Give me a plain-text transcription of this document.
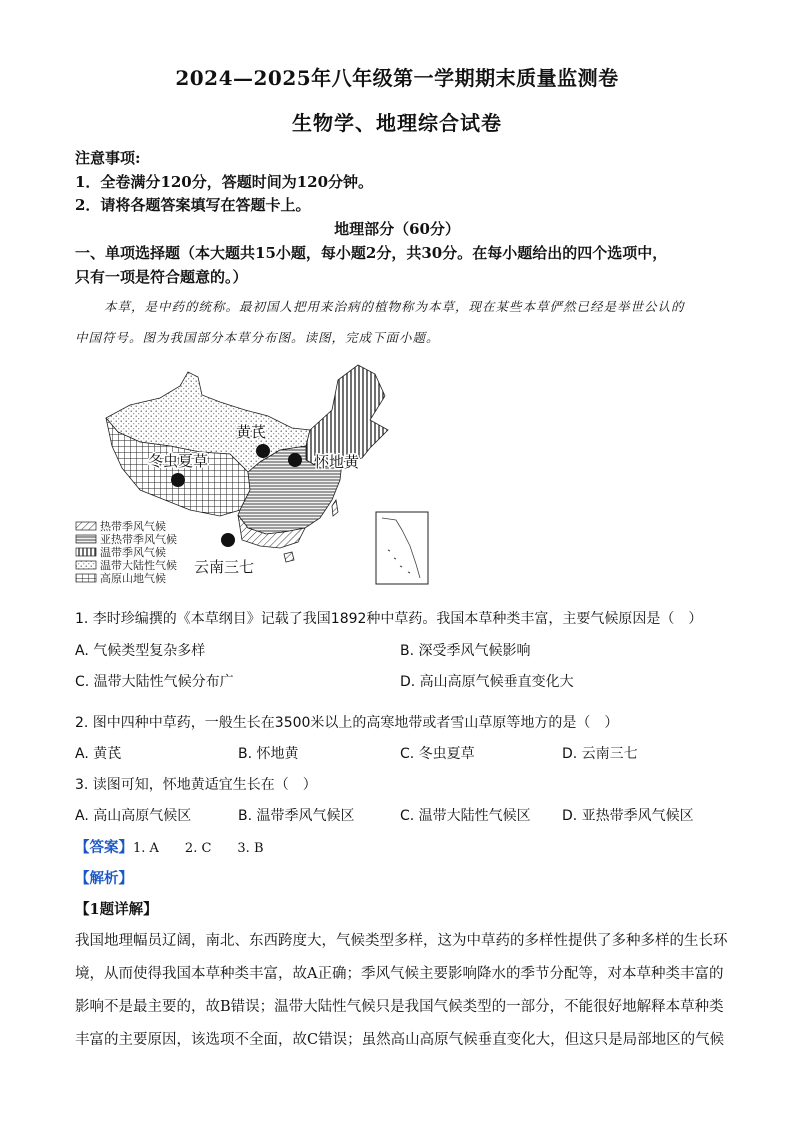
2024—2025年八年级第一学期期末质量监测卷
生物学、地理综合试卷
注意事项:
1．全卷满分120分，答题时间为120分钟。
2．请将各题答案填写在答题卡上。
地理部分（60分）
一、单项选择题（本大题共15小题，每小题2分，共30分。在每小题给出的四个选项中，
只有一项是符合题意的。）
本草，是中药的统称。最初国人把用来治病的植物称为本草，现在某些本草俨然已经是举世公认的
中国符号。图为我国部分本草分布图。读图，完成下面小题。
黄芪
怀地黄
冬虫夏草
云南三七
热带季风气候
亚热带季风气候
温带季风气候
温带大陆性气候
高原山地气候
1. 李时珍编撰的《本草纲目》记载了我国1892种中草药。我国本草种类丰富，主要气候原因是（　）
A. 气候类型复杂多样	B. 深受季风气候影响
C. 温带大陆性气候分布广	D. 高山高原气候垂直变化大
2. 图中四种中草药，一般生长在3500米以上的高寒地带或者雪山草原等地方的是（　）
A. 黄芪	B. 怀地黄	C. 冬虫夏草	D. 云南三七
3. 读图可知，怀地黄适宜生长在（　）
A. 高山高原气候区	B. 温带季风气候区	C. 温带大陆性气候区 D. 亚热带季风气候区
【答案】1. A　　2. C　　3. B
【解析】
【1题详解】
我国地理幅员辽阔，南北、东西跨度大，气候类型多样，这为中草药的多样性提供了多种多样的生长环
境，从而使得我国本草种类丰富，故A正确；季风气候主要影响降水的季节分配等，对本草种类丰富的
影响不是最主要的，故B错误；温带大陆性气候只是我国气候类型的一部分，不能很好地解释本草种类
丰富的主要原因，该选项不全面，故C错误；虽然高山高原气候垂直变化大，但这只是局部地区的气候
